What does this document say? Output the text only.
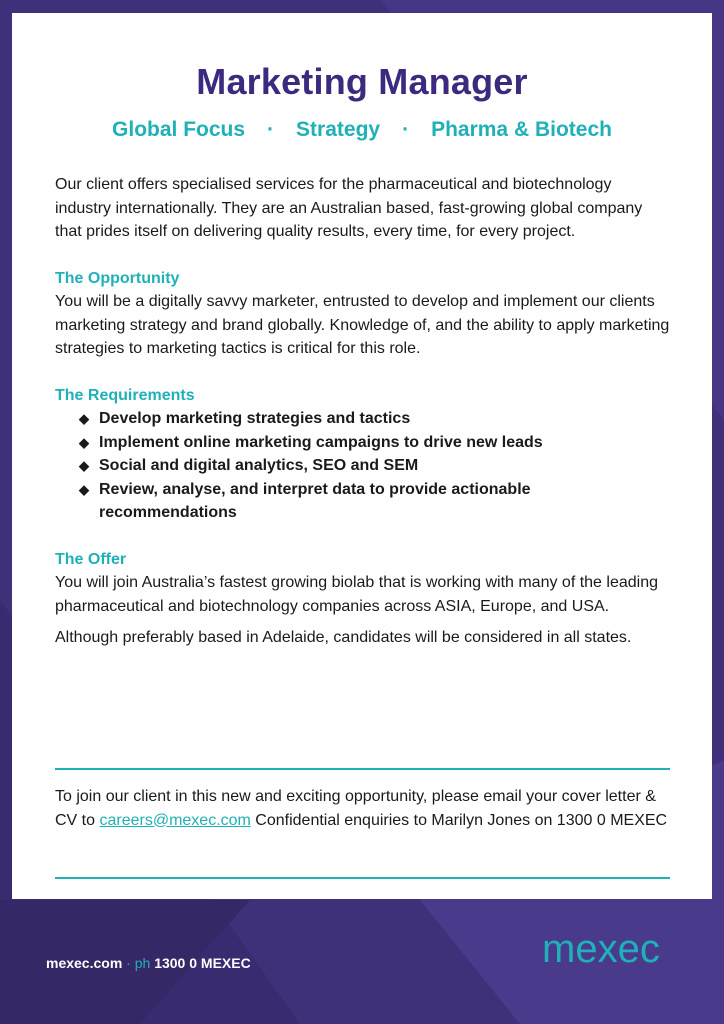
Marketing Manager
Global Focus · Strategy · Pharma & Biotech

Our client offers specialised services for the pharmaceutical and biotechnology industry internationally. They are an Australian based, fast-growing global company that prides itself on delivering quality results, every time, for every project.

The Opportunity

You will be a digitally savvy marketer, entrusted to develop and implement our clients marketing strategy and brand globally. Knowledge of, and the ability to apply marketing strategies to marketing tactics is critical for this role.

The Requirements

◆ Develop marketing strategies and tactics
◆ Implement online marketing campaigns to drive new leads
◆ Social and digital analytics, SEO and SEM
◆ Review, analyse, and interpret data to provide actionable recommendations

The Offer

You will join Australia’s fastest growing biolab that is working with many of the leading pharmaceutical and biotechnology companies across ASIA, Europe, and USA.

Although preferably based in Adelaide, candidates will be considered in all states.

To join our client in this new and exciting opportunity, please email your cover letter & CV to careers@mexec.com Confidential enquiries to Marilyn Jones on 1300 0 MEXEC
mexec.com · ph 1300 0 MEXEC	mexec
